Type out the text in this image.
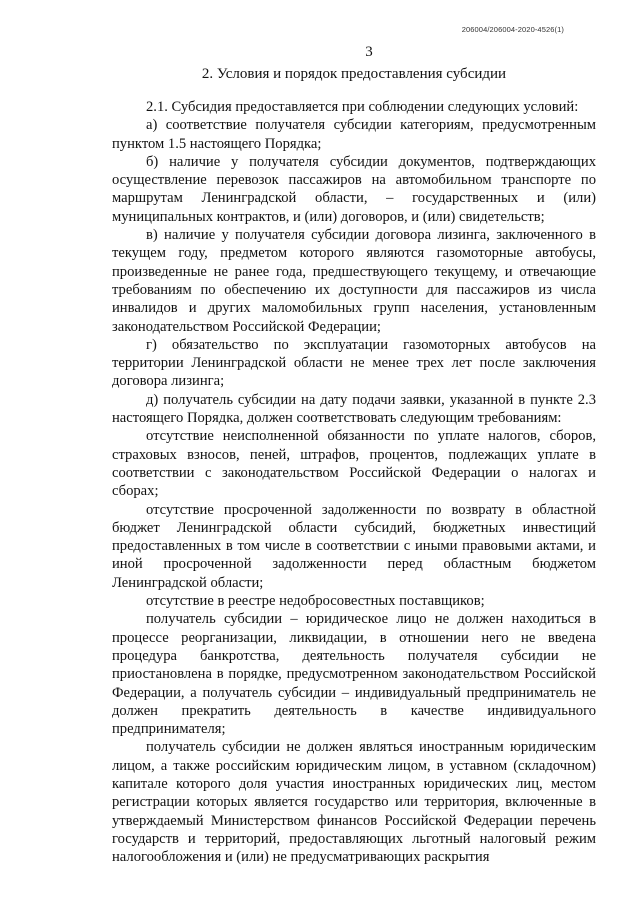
206004/206004-2020-4526(1)
3
2. Условия и порядок предоставления субсидии

2.1. Субсидия предоставляется при соблюдении следующих условий:

а) соответствие получателя субсидии категориям, предусмотренным пунктом 1.5 настоящего Порядка;

б) наличие у получателя субсидии документов, подтверждающих осуществление перевозок пассажиров на автомобильном транспорте по маршрутам Ленинградской области, – государственных и (или) муниципальных контрактов, и (или) договоров, и (или) свидетельств;

в) наличие у получателя субсидии договора лизинга, заключенного в текущем году, предметом которого являются газомоторные автобусы, произведенные не ранее года, предшествующего текущему, и отвечающие требованиям по обеспечению их доступности для пассажиров из числа инвалидов и других маломобильных групп населения, установленным законодательством Российской Федерации;

г) обязательство по эксплуатации газомоторных автобусов на территории Ленинградской области не менее трех лет после заключения договора лизинга;

д) получатель субсидии на дату подачи заявки, указанной в пункте 2.3 настоящего Порядка, должен соответствовать следующим требованиям:

отсутствие неисполненной обязанности по уплате налогов, сборов, страховых взносов, пеней, штрафов, процентов, подлежащих уплате в соответствии с законодательством Российской Федерации о налогах и сборах;

отсутствие просроченной задолженности по возврату в областной бюджет Ленинградской области субсидий, бюджетных инвестиций предоставленных в том числе в соответствии с иными правовыми актами, и иной просроченной задолженности перед областным бюджетом Ленинградской области;

отсутствие в реестре недобросовестных поставщиков;

получатель субсидии – юридическое лицо не должен находиться в процессе реорганизации, ликвидации, в отношении него не введена процедура банкротства, деятельность получателя субсидии не приостановлена в порядке, предусмотренном законодательством Российской Федерации, а получатель субсидии – индивидуальный предприниматель не должен прекратить деятельность в качестве индивидуального предпринимателя;

получатель субсидии не должен являться иностранным юридическим лицом, а также российским юридическим лицом, в уставном (складочном) капитале которого доля участия иностранных юридических лиц, местом регистрации которых является государство или территория, включенные в утверждаемый Министерством финансов Российской Федерации перечень государств и территорий, предоставляющих льготный налоговый режим налогообложения и (или) не предусматривающих раскрытия
